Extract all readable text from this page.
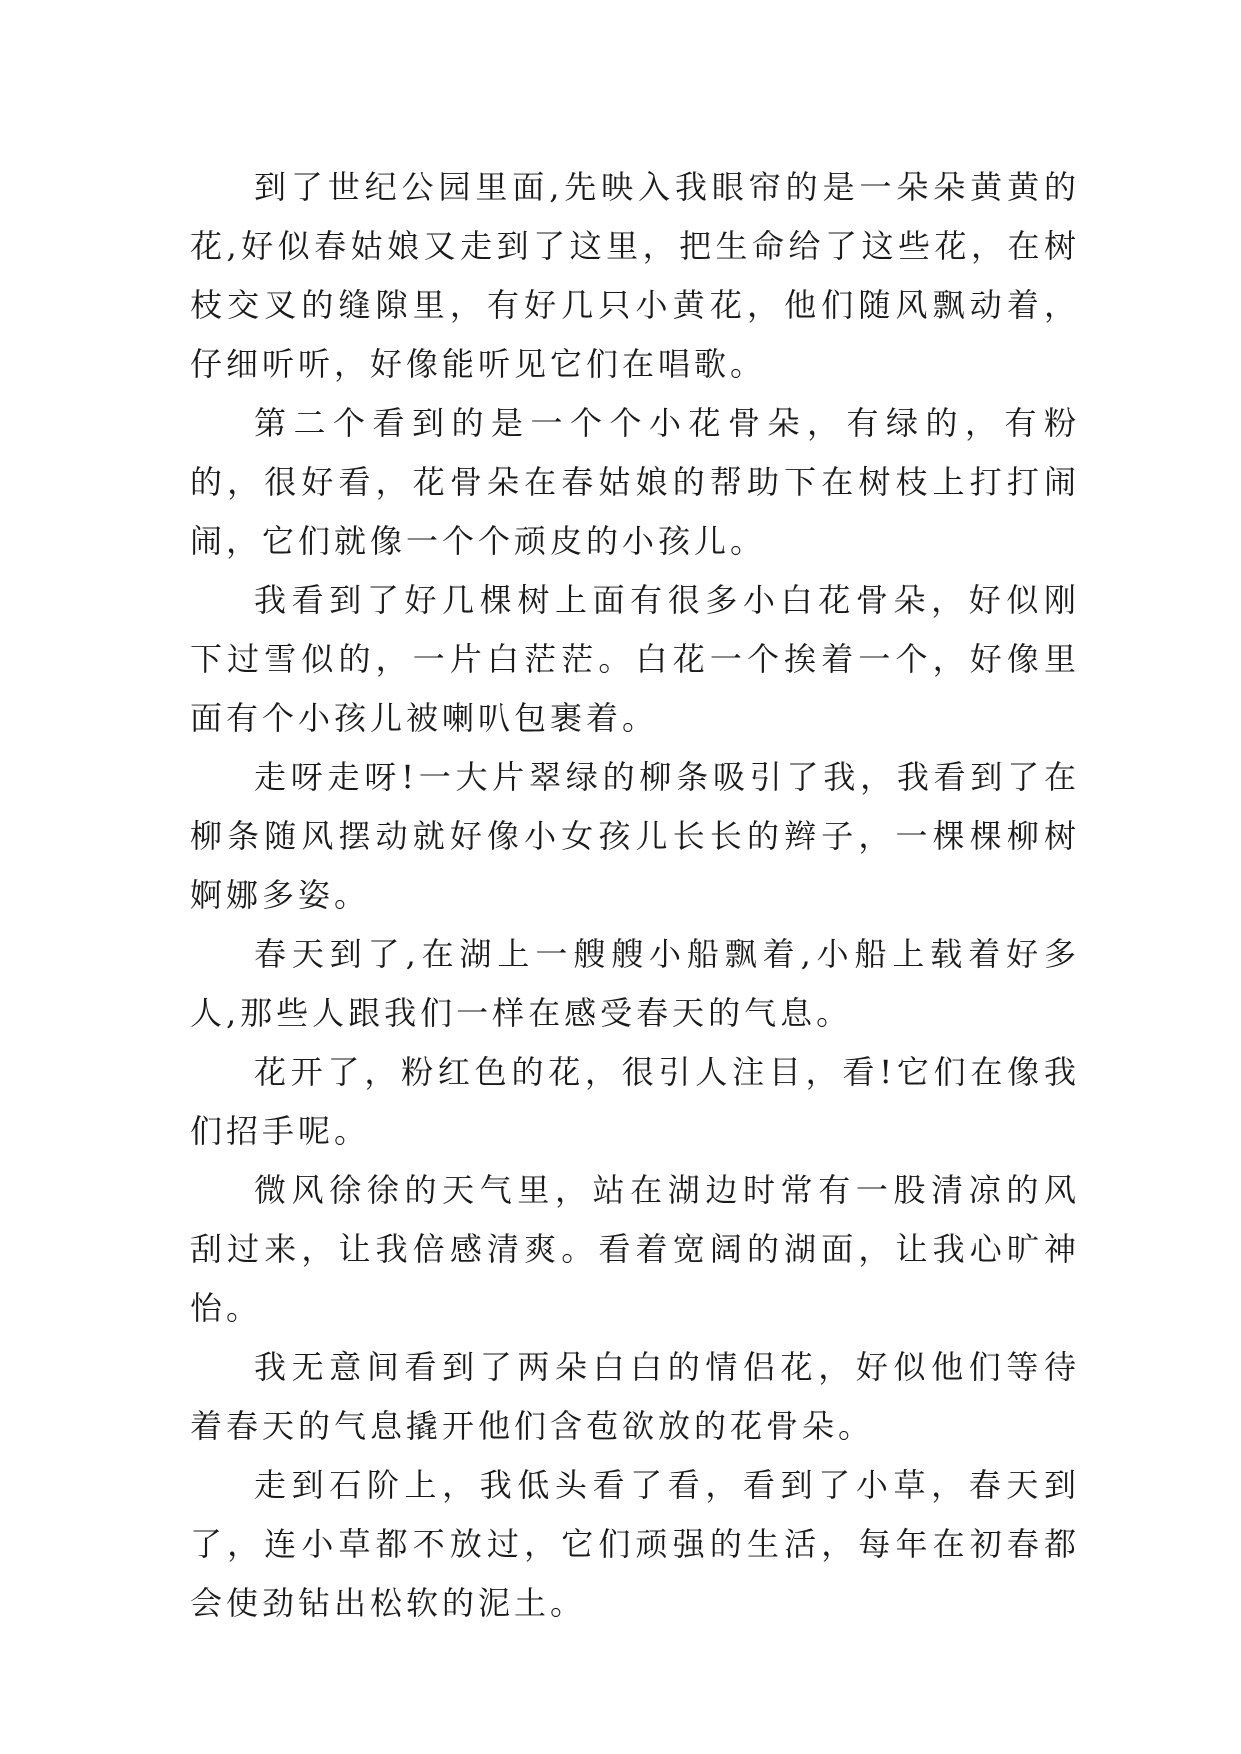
到了世纪公园里面,先映入我眼帘的是一朵朵黄黄的花,好似春姑娘又走到了这里，把生命给了这些花，在树枝交叉的缝隙里，有好几只小黄花，他们随风飘动着，仔细听听，好像能听见它们在唱歌。

第二个看到的是一个个小花骨朵，有绿的，有粉的，很好看，花骨朵在春姑娘的帮助下在树枝上打打闹闹，它们就像一个个顽皮的小孩儿。

我看到了好几棵树上面有很多小白花骨朵，好似刚下过雪似的，一片白茫茫。白花一个挨着一个，好像里面有个小孩儿被喇叭包裹着。

走呀走呀!一大片翠绿的柳条吸引了我，我看到了在柳条随风摆动就好像小女孩儿长长的辫子，一棵棵柳树婀娜多姿。

春天到了,在湖上一艘艘小船飘着,小船上载着好多人,那些人跟我们一样在感受春天的气息。

花开了，粉红色的花，很引人注目，看!它们在像我们招手呢。

微风徐徐的天气里，站在湖边时常有一股清凉的风刮过来，让我倍感清爽。看着宽阔的湖面，让我心旷神怡。

我无意间看到了两朵白白的情侣花，好似他们等待着春天的气息撬开他们含苞欲放的花骨朵。

走到石阶上，我低头看了看，看到了小草，春天到了，连小草都不放过，它们顽强的生活，每年在初春都会使劲钻出松软的泥土。
